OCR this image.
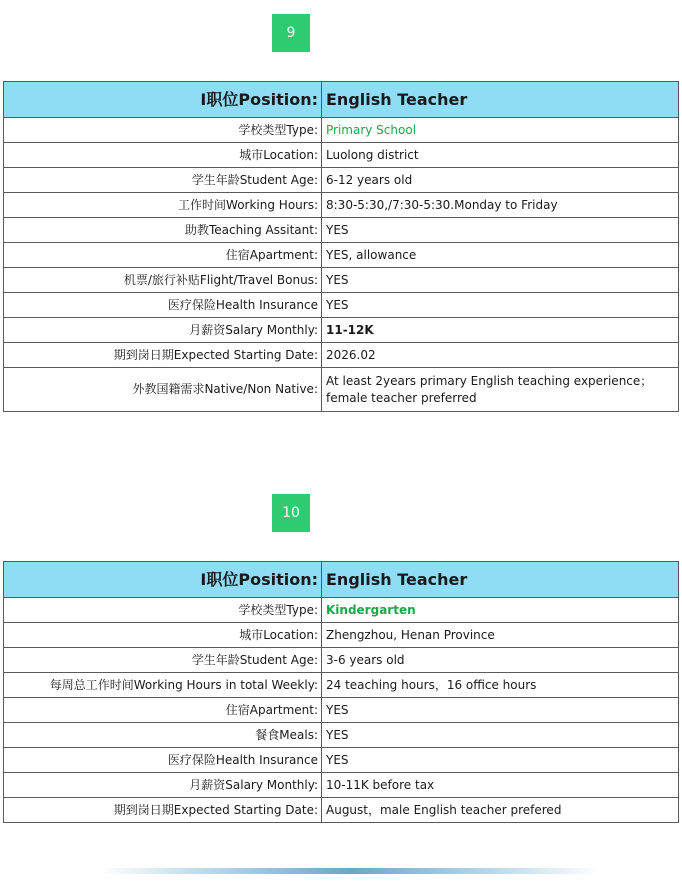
9
I职位Position:	English Teacher
学校类型Type:	Primary School
城市Location:	Luolong district
学生年龄Student Age:	6-12 years old
工作时间Working Hours:	8:30-5:30,/7:30-5:30.Monday to Friday
助教Teaching Assitant:	YES
住宿Apartment:	YES, allowance
机票/旅行补贴Flight/Travel Bonus:	YES
医疗保险Health Insurance	YES
月薪资Salary Monthly:	11-12K
期到岗日期Expected Starting Date:	2026.02
外教国籍需求Native/Non Native:	At least 2years primary English teaching experience；female teacher preferred
10
I职位Position:	English Teacher
学校类型Type:	Kindergarten
城市Location:	Zhengzhou, Henan Province
学生年龄Student Age:	3-6 years old
每周总工作时间Working Hours in total Weekly:	24 teaching hours，16 office hours
住宿Apartment:	YES
餐食Meals:	YES
医疗保险Health Insurance	YES
月薪资Salary Monthly:	10-11K before tax
期到岗日期Expected Starting Date:	August，male English teacher prefered
